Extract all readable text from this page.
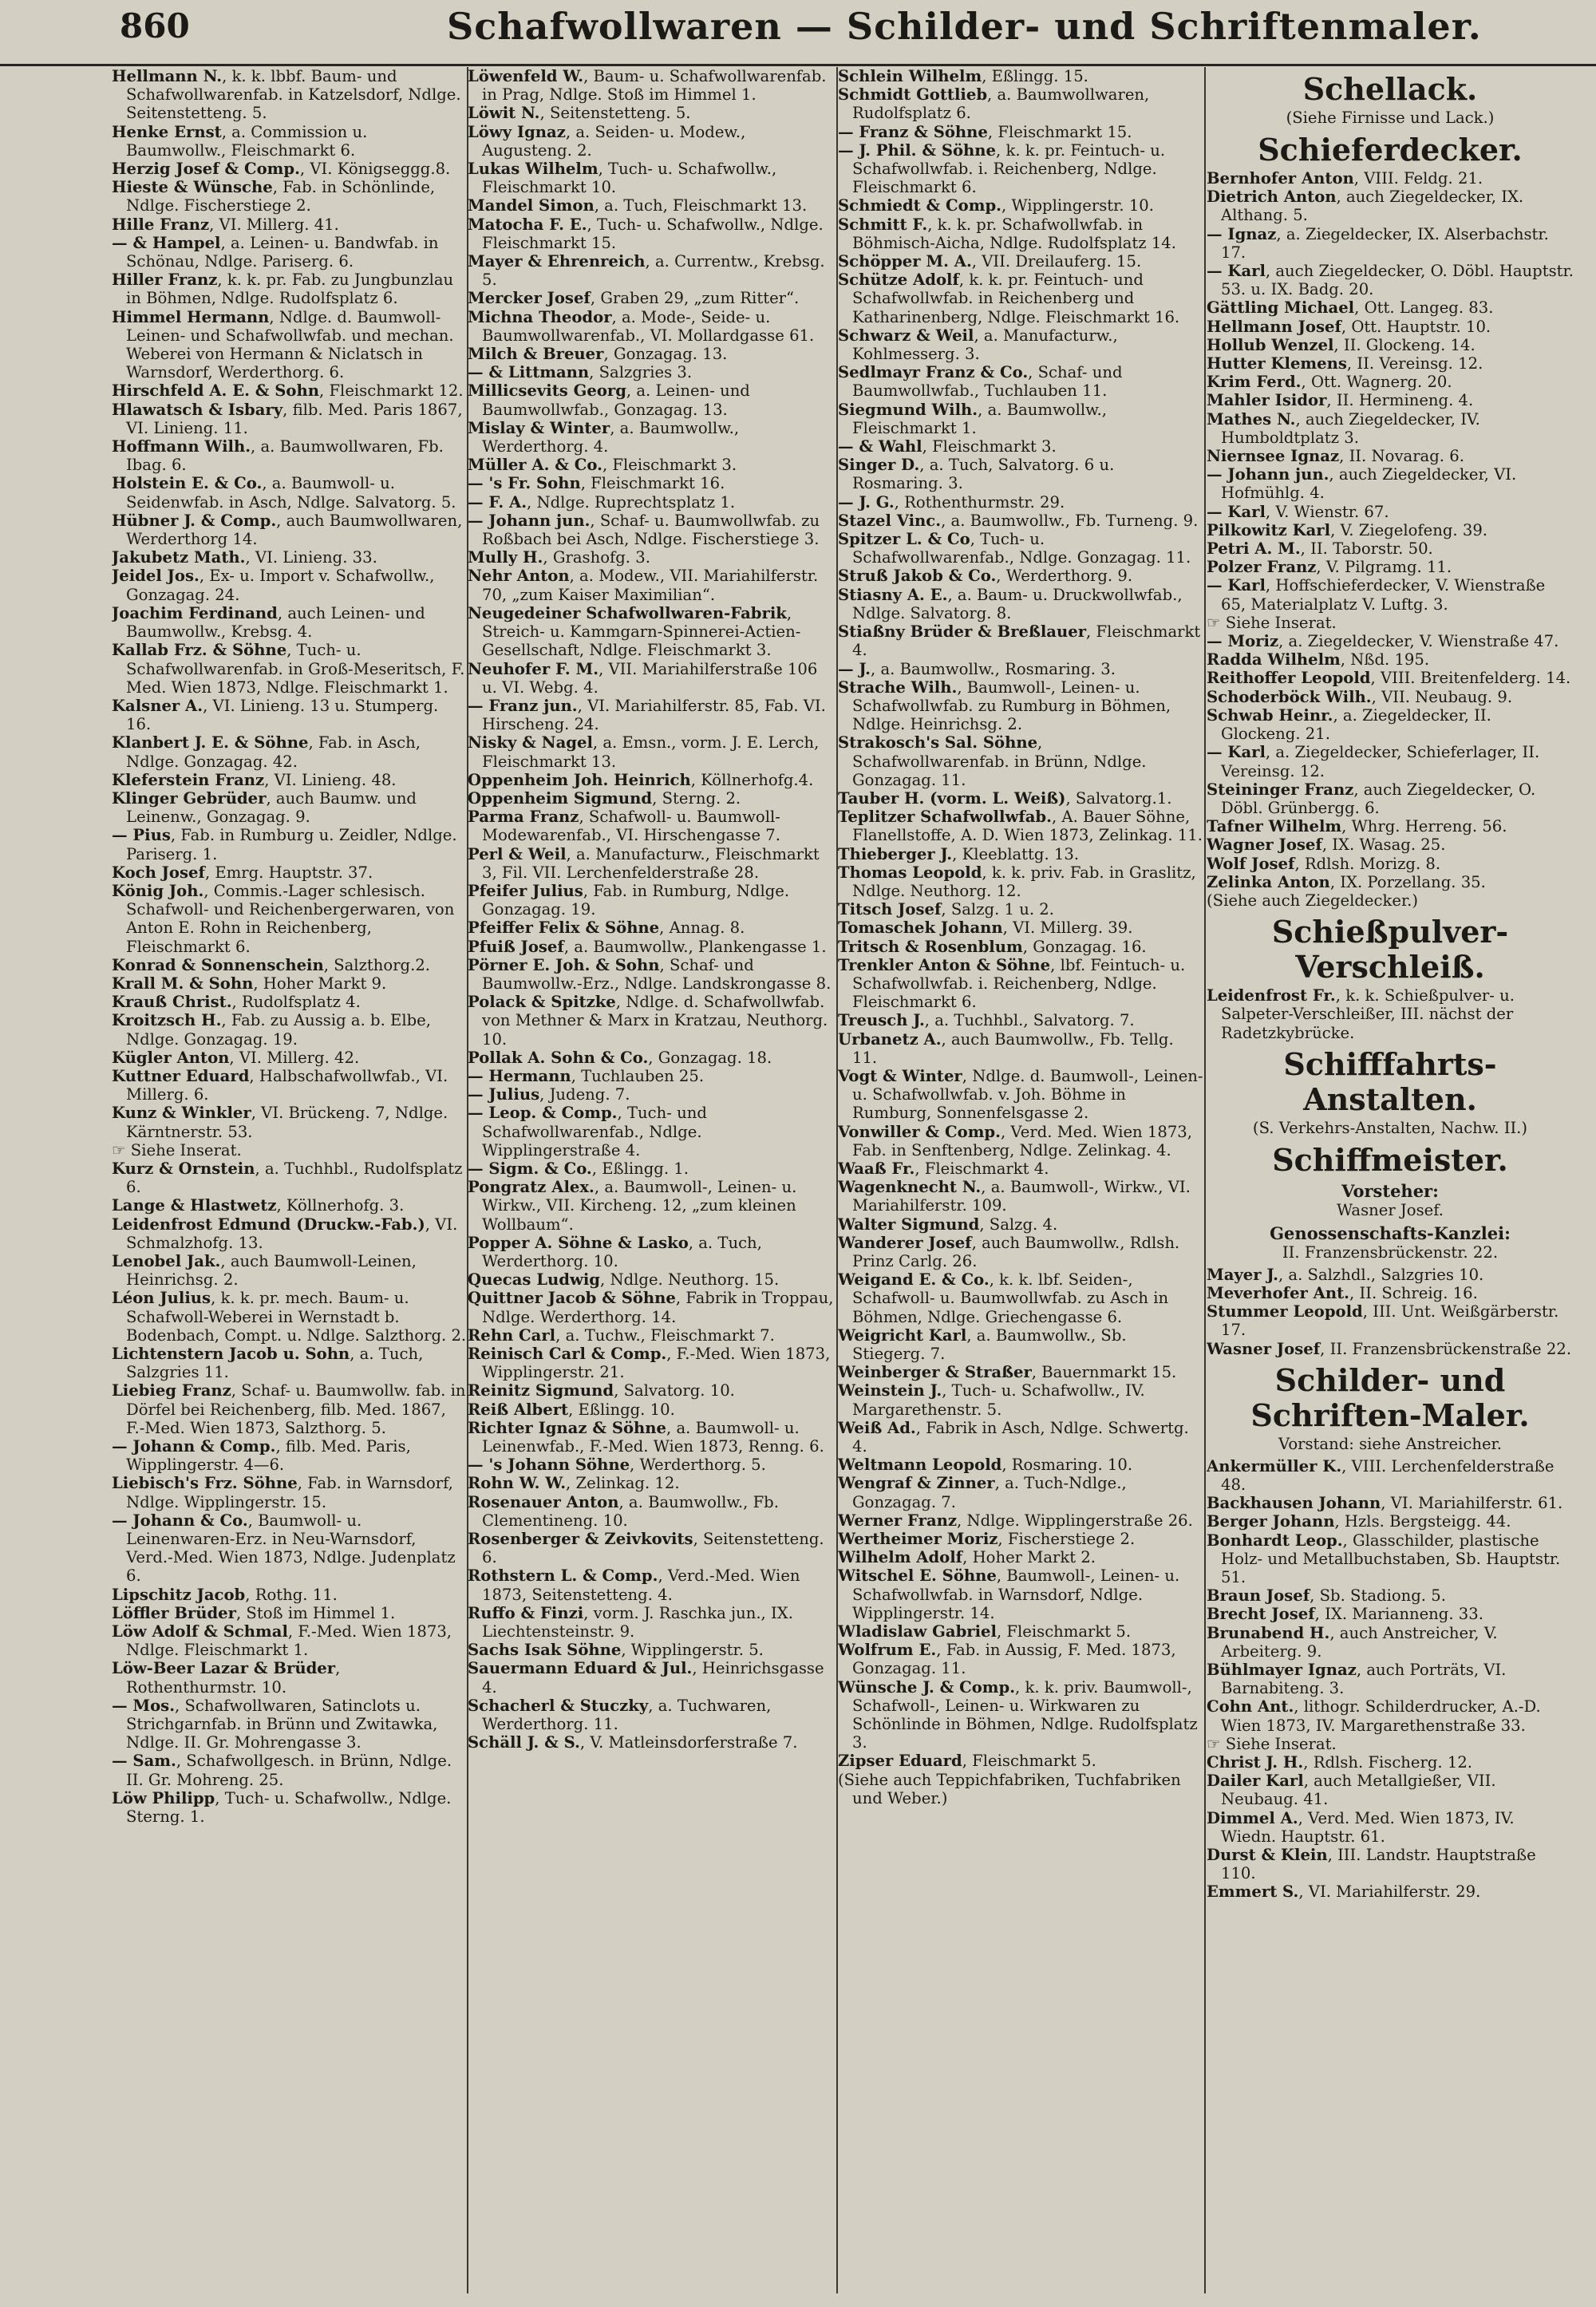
860	Schafwollwaren — Schilder- und Schriftenmaler.

Hellmann N., k. k. lbbf. Baum- und Schafwollwarenfab. in Katzelsdorf, Ndlge. Seitenstetteng. 5.

Henke Ernst, a. Commission u. Baumwollw., Fleischmarkt 6.

Herzig Josef & Comp., VI. Königseggg.8.

Hieste & Wünsche, Fab. in Schönlinde, Ndlge. Fischerstiege 2.

Hille Franz, VI. Millerg. 41.

— & Hampel, a. Leinen- u. Bandwfab. in Schönau, Ndlge. Pariserg. 6.

Hiller Franz, k. k. pr. Fab. zu Jungbunzlau in Böhmen, Ndlge. Rudolfsplatz 6.

Himmel Hermann, Ndlge. d. Baumwoll-Leinen- und Schafwollwfab. und mechan. Weberei von Hermann & Niclatsch in Warnsdorf, Werderthorg. 6.

Hirschfeld A. E. & Sohn, Fleischmarkt 12.

Hlawatsch & Isbary, filb. Med. Paris 1867, VI. Linieng. 11.

Hoffmann Wilh., a. Baumwollwaren, Fb. Ibag. 6.

Holstein E. & Co., a. Baumwoll- u. Seidenwfab. in Asch, Ndlge. Salvatorg. 5.

Hübner J. & Comp., auch Baumwollwaren, Werderthorg 14.

Jakubetz Math., VI. Linieng. 33.

Jeidel Jos., Ex- u. Import v. Schafwollw., Gonzagag. 24.

Joachim Ferdinand, auch Leinen- und Baumwollw., Krebsg. 4.

Kallab Frz. & Söhne, Tuch- u. Schafwollwarenfab. in Groß-Meseritsch, F. Med. Wien 1873, Ndlge. Fleischmarkt 1.

Kalsner A., VI. Linieng. 13 u. Stumperg. 16.

Klanbert J. E. & Söhne, Fab. in Asch, Ndlge. Gonzagag. 42.

Kleferstein Franz, VI. Linieng. 48.

Klinger Gebrüder, auch Baumw. und Leinenw., Gonzagag. 9.

— Pius, Fab. in Rumburg u. Zeidler, Ndlge. Pariserg. 1.

Koch Josef, Emrg. Hauptstr. 37.

König Joh., Commis.-Lager schlesisch. Schafwoll- und Reichenbergerwaren, von Anton E. Rohn in Reichenberg, Fleischmarkt 6.

Konrad & Sonnenschein, Salzthorg.2.

Krall M. & Sohn, Hoher Markt 9.

Krauß Christ., Rudolfsplatz 4.

Kroitzsch H., Fab. zu Aussig a. b. Elbe, Ndlge. Gonzagag. 19.

Kügler Anton, VI. Millerg. 42.

Kuttner Eduard, Halbschafwollwfab., VI. Millerg. 6.

Kunz & Winkler, VI. Brückeng. 7, Ndlge. Kärntnerstr. 53.

☞ Siehe Inserat.

Kurz & Ornstein, a. Tuchhbl., Rudolfsplatz 6.

Lange & Hlastwetz, Köllnerhofg. 3.

Leidenfrost Edmund (Druckw.-Fab.), VI. Schmalzhofg. 13.

Lenobel Jak., auch Baumwoll-Leinen, Heinrichsg. 2.

Léon Julius, k. k. pr. mech. Baum- u. Schafwoll-Weberei in Wernstadt b. Bodenbach, Compt. u. Ndlge. Salzthorg. 2.

Lichtenstern Jacob u. Sohn, a. Tuch, Salzgries 11.

Liebieg Franz, Schaf- u. Baumwollw. fab. in Dörfel bei Reichenberg, filb. Med. 1867, F.-Med. Wien 1873, Salzthorg. 5.

— Johann & Comp., filb. Med. Paris, Wipplingerstr. 4—6.

Liebisch's Frz. Söhne, Fab. in Warnsdorf, Ndlge. Wipplingerstr. 15.

— Johann & Co., Baumwoll- u. Leinenwaren-Erz. in Neu-Warnsdorf, Verd.-Med. Wien 1873, Ndlge. Judenplatz 6.

Lipschitz Jacob, Rothg. 11.

Löffler Brüder, Stoß im Himmel 1.

Löw Adolf & Schmal, F.-Med. Wien 1873, Ndlge. Fleischmarkt 1.

Löw-Beer Lazar & Brüder, Rothenthurmstr. 10.

— Mos., Schafwollwaren, Satinclots u. Strichgarnfab. in Brünn und Zwitawka, Ndlge. II. Gr. Mohrengasse 3.

— Sam., Schafwollgesch. in Brünn, Ndlge. II. Gr. Mohreng. 25.

Löw Philipp, Tuch- u. Schafwollw., Ndlge. Sterng. 1.

Löwenfeld W., Baum- u. Schafwollwarenfab. in Prag, Ndlge. Stoß im Himmel 1.

Löwit N., Seitenstetteng. 5.

Löwy Ignaz, a. Seiden- u. Modew., Augusteng. 2.

Lukas Wilhelm, Tuch- u. Schafwollw., Fleischmarkt 10.

Mandel Simon, a. Tuch, Fleischmarkt 13.

Matocha F. E., Tuch- u. Schafwollw., Ndlge. Fleischmarkt 15.

Mayer & Ehrenreich, a. Currentw., Krebsg. 5.

Mercker Josef, Graben 29, „zum Ritter“.

Michna Theodor, a. Mode-, Seide- u. Baumwollwarenfab., VI. Mollardgasse 61.

Milch & Breuer, Gonzagag. 13.

— & Littmann, Salzgries 3.

Millicsevits Georg, a. Leinen- und Baumwollwfab., Gonzagag. 13.

Mislay & Winter, a. Baumwollw., Werderthorg. 4.

Müller A. & Co., Fleischmarkt 3.

— 's Fr. Sohn, Fleischmarkt 16.

— F. A., Ndlge. Ruprechtsplatz 1.

— Johann jun., Schaf- u. Baumwollwfab. zu Roßbach bei Asch, Ndlge. Fischerstiege 3.

Mully H., Grashofg. 3.

Nehr Anton, a. Modew., VII. Mariahilferstr. 70, „zum Kaiser Maximilian“.

Neugedeiner Schafwollwaren-Fabrik, Streich- u. Kammgarn-Spinnerei-Actien-Gesellschaft, Ndlge. Fleischmarkt 3.

Neuhofer F. M., VII. Mariahilferstraße 106 u. VI. Webg. 4.

— Franz jun., VI. Mariahilferstr. 85, Fab. VI. Hirscheng. 24.

Nisky & Nagel, a. Emsn., vorm. J. E. Lerch, Fleischmarkt 13.

Oppenheim Joh. Heinrich, Köllnerhofg.4.

Oppenheim Sigmund, Sterng. 2.

Parma Franz, Schafwoll- u. Baumwoll-Modewarenfab., VI. Hirschengasse 7.

Perl & Weil, a. Manufacturw., Fleischmarkt 3, Fil. VII. Lerchenfelderstraße 28.

Pfeifer Julius, Fab. in Rumburg, Ndlge. Gonzagag. 19.

Pfeiffer Felix & Söhne, Annag. 8.

Pfuiß Josef, a. Baumwollw., Plankengasse 1.

Pörner E. Joh. & Sohn, Schaf- und Baumwollw.-Erz., Ndlge. Landskrongasse 8.

Polack & Spitzke, Ndlge. d. Schafwollwfab. von Methner & Marx in Kratzau, Neuthorg. 10.

Pollak A. Sohn & Co., Gonzagag. 18.

— Hermann, Tuchlauben 25.

— Julius, Judeng. 7.

— Leop. & Comp., Tuch- und Schafwollwarenfab., Ndlge. Wipplingerstraße 4.

— Sigm. & Co., Eßlingg. 1.

Pongratz Alex., a. Baumwoll-, Leinen- u. Wirkw., VII. Kircheng. 12, „zum kleinen Wollbaum“.

Popper A. Söhne & Lasko, a. Tuch, Werderthorg. 10.

Quecas Ludwig, Ndlge. Neuthorg. 15.

Quittner Jacob & Söhne, Fabrik in Troppau, Ndlge. Werderthorg. 14.

Rehn Carl, a. Tuchw., Fleischmarkt 7.

Reinisch Carl & Comp., F.-Med. Wien 1873, Wipplingerstr. 21.

Reinitz Sigmund, Salvatorg. 10.

Reiß Albert, Eßlingg. 10.

Richter Ignaz & Söhne, a. Baumwoll- u. Leinenwfab., F.-Med. Wien 1873, Renng. 6.

— 's Johann Söhne, Werderthorg. 5.

Rohn W. W., Zelinkag. 12.

Rosenauer Anton, a. Baumwollw., Fb. Clementineng. 10.

Rosenberger & Zeivkovits, Seitenstetteng. 6.

Rothstern L. & Comp., Verd.-Med. Wien 1873, Seitenstetteng. 4.

Ruffo & Finzi, vorm. J. Raschka jun., IX. Liechtensteinstr. 9.

Sachs Isak Söhne, Wipplingerstr. 5.

Sauermann Eduard & Jul., Heinrichsgasse 4.

Schacherl & Stuczky, a. Tuchwaren, Werderthorg. 11.

Schäll J. & S., V. Matleinsdorferstraße 7.

Schlein Wilhelm, Eßlingg. 15.

Schmidt Gottlieb, a. Baumwollwaren, Rudolfsplatz 6.

— Franz & Söhne, Fleischmarkt 15.

— J. Phil. & Söhne, k. k. pr. Feintuch- u. Schafwollwfab. i. Reichenberg, Ndlge. Fleischmarkt 6.

Schmiedt & Comp., Wipplingerstr. 10.

Schmitt F., k. k. pr. Schafwollwfab. in Böhmisch-Aicha, Ndlge. Rudolfsplatz 14.

Schöpper M. A., VII. Dreilauferg. 15.

Schütze Adolf, k. k. pr. Feintuch- und Schafwollwfab. in Reichenberg und Katharinenberg, Ndlge. Fleischmarkt 16.

Schwarz & Weil, a. Manufacturw., Kohlmesserg. 3.

Sedlmayr Franz & Co., Schaf- und Baumwollwfab., Tuchlauben 11.

Siegmund Wilh., a. Baumwollw., Fleischmarkt 1.

— & Wahl, Fleischmarkt 3.

Singer D., a. Tuch, Salvatorg. 6 u. Rosmaring. 3.

— J. G., Rothenthurmstr. 29.

Stazel Vinc., a. Baumwollw., Fb. Turneng. 9.

Spitzer L. & Co, Tuch- u. Schafwollwarenfab., Ndlge. Gonzagag. 11.

Struß Jakob & Co., Werderthorg. 9.

Stiasny A. E., a. Baum- u. Druckwollwfab., Ndlge. Salvatorg. 8.

Stiaßny Brüder & Breßlauer, Fleischmarkt 4.

— J., a. Baumwollw., Rosmaring. 3.

Strache Wilh., Baumwoll-, Leinen- u. Schafwollwfab. zu Rumburg in Böhmen, Ndlge. Heinrichsg. 2.

Strakosch's Sal. Söhne, Schafwollwarenfab. in Brünn, Ndlge. Gonzagag. 11.

Tauber H. (vorm. L. Weiß), Salvatorg.1.

Teplitzer Schafwollwfab., A. Bauer Söhne, Flanellstoffe, A. D. Wien 1873, Zelinkag. 11.

Thieberger J., Kleeblattg. 13.

Thomas Leopold, k. k. priv. Fab. in Graslitz, Ndlge. Neuthorg. 12.

Titsch Josef, Salzg. 1 u. 2.

Tomaschek Johann, VI. Millerg. 39.

Tritsch & Rosenblum, Gonzagag. 16.

Trenkler Anton & Söhne, lbf. Feintuch- u. Schafwollwfab. i. Reichenberg, Ndlge. Fleischmarkt 6.

Treusch J., a. Tuchhbl., Salvatorg. 7.

Urbanetz A., auch Baumwollw., Fb. Tellg. 11.

Vogt & Winter, Ndlge. d. Baumwoll-, Leinen- u. Schafwollwfab. v. Joh. Böhme in Rumburg, Sonnenfelsgasse 2.

Vonwiller & Comp., Verd. Med. Wien 1873, Fab. in Senftenberg, Ndlge. Zelinkag. 4.

Waaß Fr., Fleischmarkt 4.

Wagenknecht N., a. Baumwoll-, Wirkw., VI. Mariahilferstr. 109.

Walter Sigmund, Salzg. 4.

Wanderer Josef, auch Baumwollw., Rdlsh. Prinz Carlg. 26.

Weigand E. & Co., k. k. lbf. Seiden-, Schafwoll- u. Baumwollwfab. zu Asch in Böhmen, Ndlge. Griechengasse 6.

Weigricht Karl, a. Baumwollw., Sb. Stiegerg. 7.

Weinberger & Straßer, Bauernmarkt 15.

Weinstein J., Tuch- u. Schafwollw., IV. Margarethenstr. 5.

Weiß Ad., Fabrik in Asch, Ndlge. Schwertg. 4.

Weltmann Leopold, Rosmaring. 10.

Wengraf & Zinner, a. Tuch-Ndlge., Gonzagag. 7.

Werner Franz, Ndlge. Wipplingerstraße 26.

Wertheimer Moriz, Fischerstiege 2.

Wilhelm Adolf, Hoher Markt 2.

Witschel E. Söhne, Baumwoll-, Leinen- u. Schafwollwfab. in Warnsdorf, Ndlge. Wipplingerstr. 14.

Wladislaw Gabriel, Fleischmarkt 5.

Wolfrum E., Fab. in Aussig, F. Med. 1873, Gonzagag. 11.

Wünsche J. & Comp., k. k. priv. Baumwoll-, Schafwoll-, Leinen- u. Wirkwaren zu Schönlinde in Böhmen, Ndlge. Rudolfsplatz 3.

Zipser Eduard, Fleischmarkt 5.

(Siehe auch Teppichfabriken, Tuchfabriken und Weber.)

Schellack.
(Siehe Firnisse und Lack.)
Schieferdecker.

Bernhofer Anton, VIII. Feldg. 21.

Dietrich Anton, auch Ziegeldecker, IX. Althang. 5.

— Ignaz, a. Ziegeldecker, IX. Alserbachstr. 17.

— Karl, auch Ziegeldecker, O. Döbl. Hauptstr. 53. u. IX. Badg. 20.

Gättling Michael, Ott. Langeg. 83.

Hellmann Josef, Ott. Hauptstr. 10.

Hollub Wenzel, II. Glockeng. 14.

Hutter Klemens, II. Vereinsg. 12.

Krim Ferd., Ott. Wagnerg. 20.

Mahler Isidor, II. Hermineng. 4.

Mathes N., auch Ziegeldecker, IV. Humboldtplatz 3.

Niernsee Ignaz, II. Novarag. 6.

— Johann jun., auch Ziegeldecker, VI. Hofmühlg. 4.

— Karl, V. Wienstr. 67.

Pilkowitz Karl, V. Ziegelofeng. 39.

Petri A. M., II. Taborstr. 50.

Polzer Franz, V. Pilgramg. 11.

— Karl, Hoffschieferdecker, V. Wienstraße 65, Materialplatz V. Luftg. 3.

☞ Siehe Inserat.

— Moriz, a. Ziegeldecker, V. Wienstraße 47.

Radda Wilhelm, Nßd. 195.

Reithoffer Leopold, VIII. Breitenfelderg. 14.

Schoderböck Wilh., VII. Neubaug. 9.

Schwab Heinr., a. Ziegeldecker, II. Glockeng. 21.

— Karl, a. Ziegeldecker, Schieferlager, II. Vereinsg. 12.

Steininger Franz, auch Ziegeldecker, O. Döbl. Grünbergg. 6.

Tafner Wilhelm, Whrg. Herreng. 56.

Wagner Josef, IX. Wasag. 25.

Wolf Josef, Rdlsh. Morizg. 8.

Zelinka Anton, IX. Porzellang. 35.

(Siehe auch Ziegeldecker.)

Schießpulver-Verschleiß.

Leidenfrost Fr., k. k. Schießpulver- u. Salpeter-Verschleißer, III. nächst der Radetzkybrücke.

Schifffahrts-Anstalten.
(S. Verkehrs-Anstalten, Nachw. II.)
Schiffmeister.
Vorsteher:
Wasner Josef.
Genossenschafts-Kanzlei:
II. Franzensbrückenstr. 22.

Mayer J., a. Salzhdl., Salzgries 10.

Meverhofer Ant., II. Schreig. 16.

Stummer Leopold, III. Unt. Weißgärberstr. 17.

Wasner Josef, II. Franzensbrückenstraße 22.

Schilder- und Schriften-Maler.
Vorstand: siehe Anstreicher.

Ankermüller K., VIII. Lerchenfelderstraße 48.

Backhausen Johann, VI. Mariahilferstr. 61.

Berger Johann, Hzls. Bergsteigg. 44.

Bonhardt Leop., Glasschilder, plastische Holz- und Metallbuchstaben, Sb. Hauptstr. 51.

Braun Josef, Sb. Stadiong. 5.

Brecht Josef, IX. Marianneng. 33.

Brunabend H., auch Anstreicher, V. Arbeiterg. 9.

Bühlmayer Ignaz, auch Porträts, VI. Barnabiteng. 3.

Cohn Ant., lithogr. Schilderdrucker, A.-D. Wien 1873, IV. Margarethenstraße 33.

☞ Siehe Inserat.

Christ J. H., Rdlsh. Fischerg. 12.

Dailer Karl, auch Metallgießer, VII. Neubaug. 41.

Dimmel A., Verd. Med. Wien 1873, IV. Wiedn. Hauptstr. 61.

Durst & Klein, III. Landstr. Hauptstraße 110.

Emmert S., VI. Mariahilferstr. 29.
